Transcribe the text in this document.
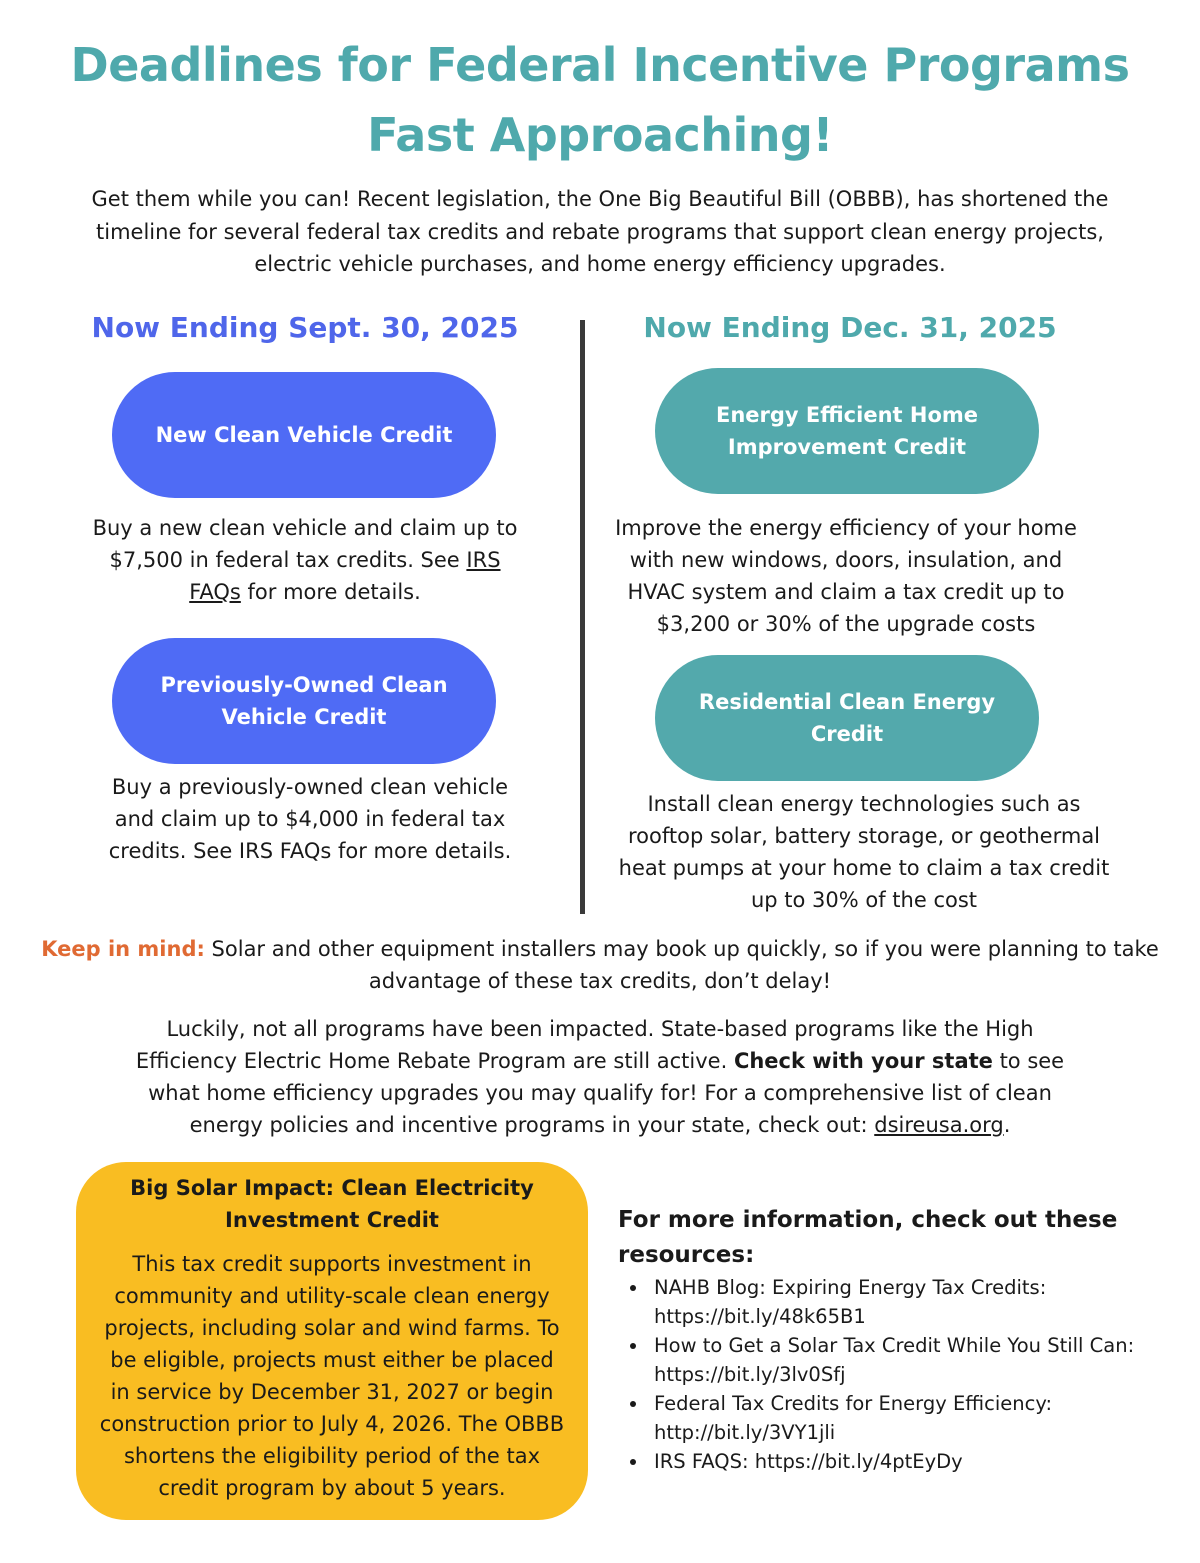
Deadlines for Federal Incentive Programs
Fast Approaching!
Get them while you can! Recent legislation, the One Big Beautiful Bill (OBBB), has shortened the timeline for several federal tax credits and rebate programs that support clean energy projects, electric vehicle purchases, and home energy efficiency upgrades.
Now Ending Sept. 30, 2025	Now Ending Dec. 31, 2025
New Clean Vehicle Credit
Buy a new clean vehicle and claim up to $7,500 in federal tax credits. See IRS FAQs for more details.
Previously-Owned Clean
Vehicle Credit
Buy a previously-owned clean vehicle and claim up to $4,000 in federal tax credits. See IRS FAQs for more details.
Energy Efficient Home
Improvement Credit
Improve the energy efficiency of your home with new windows, doors, insulation, and HVAC system and claim a tax credit up to $3,200 or 30% of the upgrade costs
Residential Clean Energy Credit
Install clean energy technologies such as rooftop solar, battery storage, or geothermal heat pumps at your home to claim a tax credit up to 30% of the cost
Keep in mind: Solar and other equipment installers may book up quickly, so if you were planning to take advantage of these tax credits, don’t delay!
Luckily, not all programs have been impacted. State-based programs like the High Efficiency Electric Home Rebate Program are still active. Check with your state to see what home efficiency upgrades you may qualify for! For a comprehensive list of clean energy policies and incentive programs in your state, check out: dsireusa.org.
Big Solar Impact: Clean Electricity
Investment Credit
This tax credit supports investment in community and utility-scale clean energy projects, including solar and wind farms. To be eligible, projects must either be placed in service by December 31, 2027 or begin construction prior to July 4, 2026. The OBBB shortens the eligibility period of the tax credit program by about 5 years.
For more information, check out these resources:
NAHB Blog: Expiring Energy Tax Credits: https://bit.ly/48k65B1
How to Get a Solar Tax Credit While You Still Can: https://bit.ly/3lv0Sfj
Federal Tax Credits for Energy Efficiency: http://bit.ly/3VY1jli
IRS FAQS: https://bit.ly/4ptEyDy
